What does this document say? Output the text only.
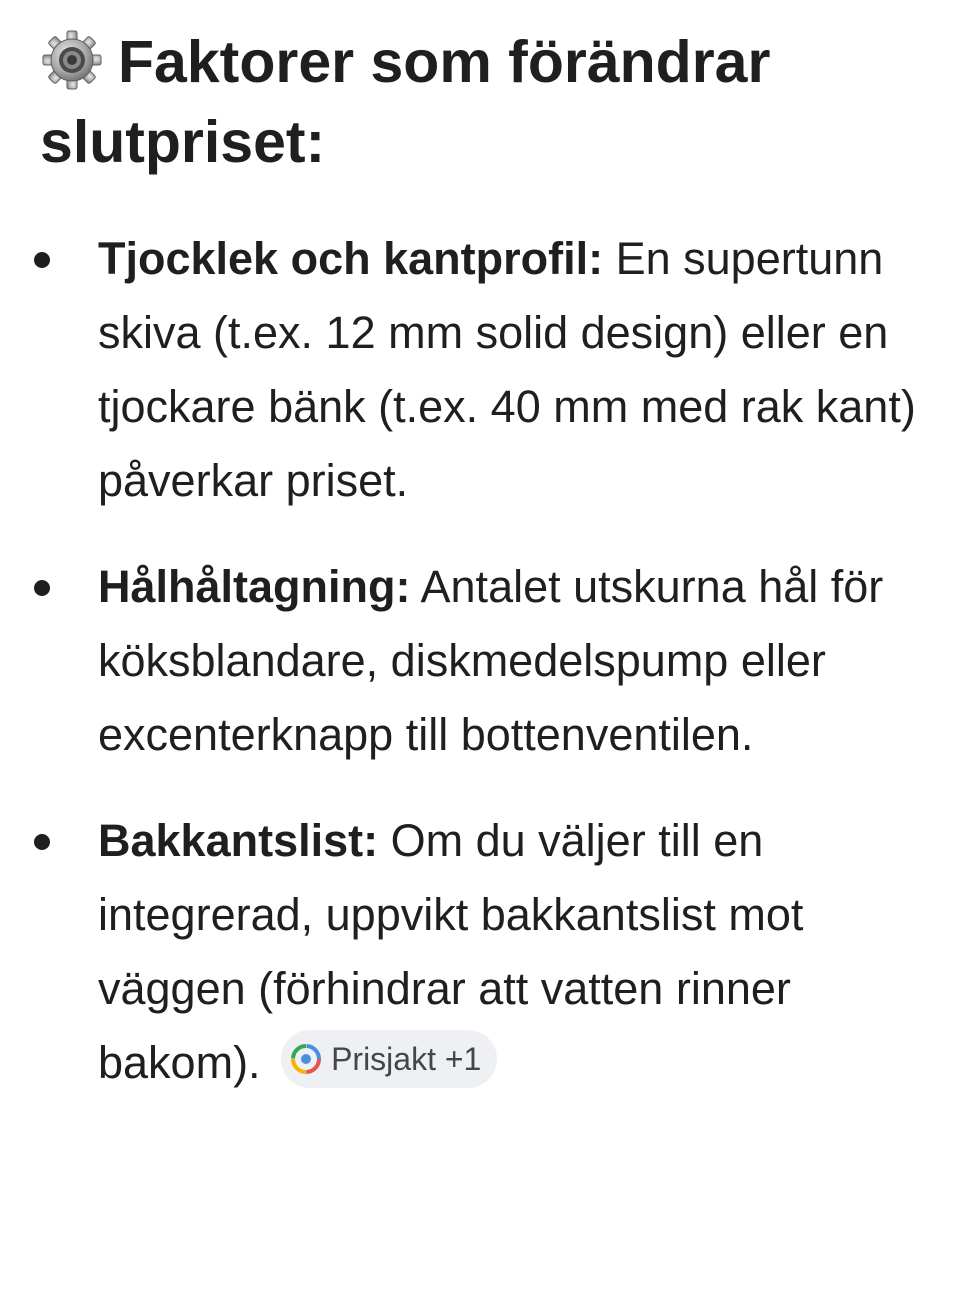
Faktorer som förändrar slutpriset:
Tjocklek och kantprofil: En supertunn skiva (t.ex. 12 mm solid design) eller en tjockare bänk (t.ex. 40 mm med rak kant) påverkar priset.
Hålhåltagning: Antalet utskurna hål för köksblandare, diskmedelspump eller excenterknapp till bottenventilen.
Bakkantslist: Om du väljer till en integrerad, uppvikt bakkantslist mot väggen (förhindrar att vatten rinner bakom). Prisjakt +1
